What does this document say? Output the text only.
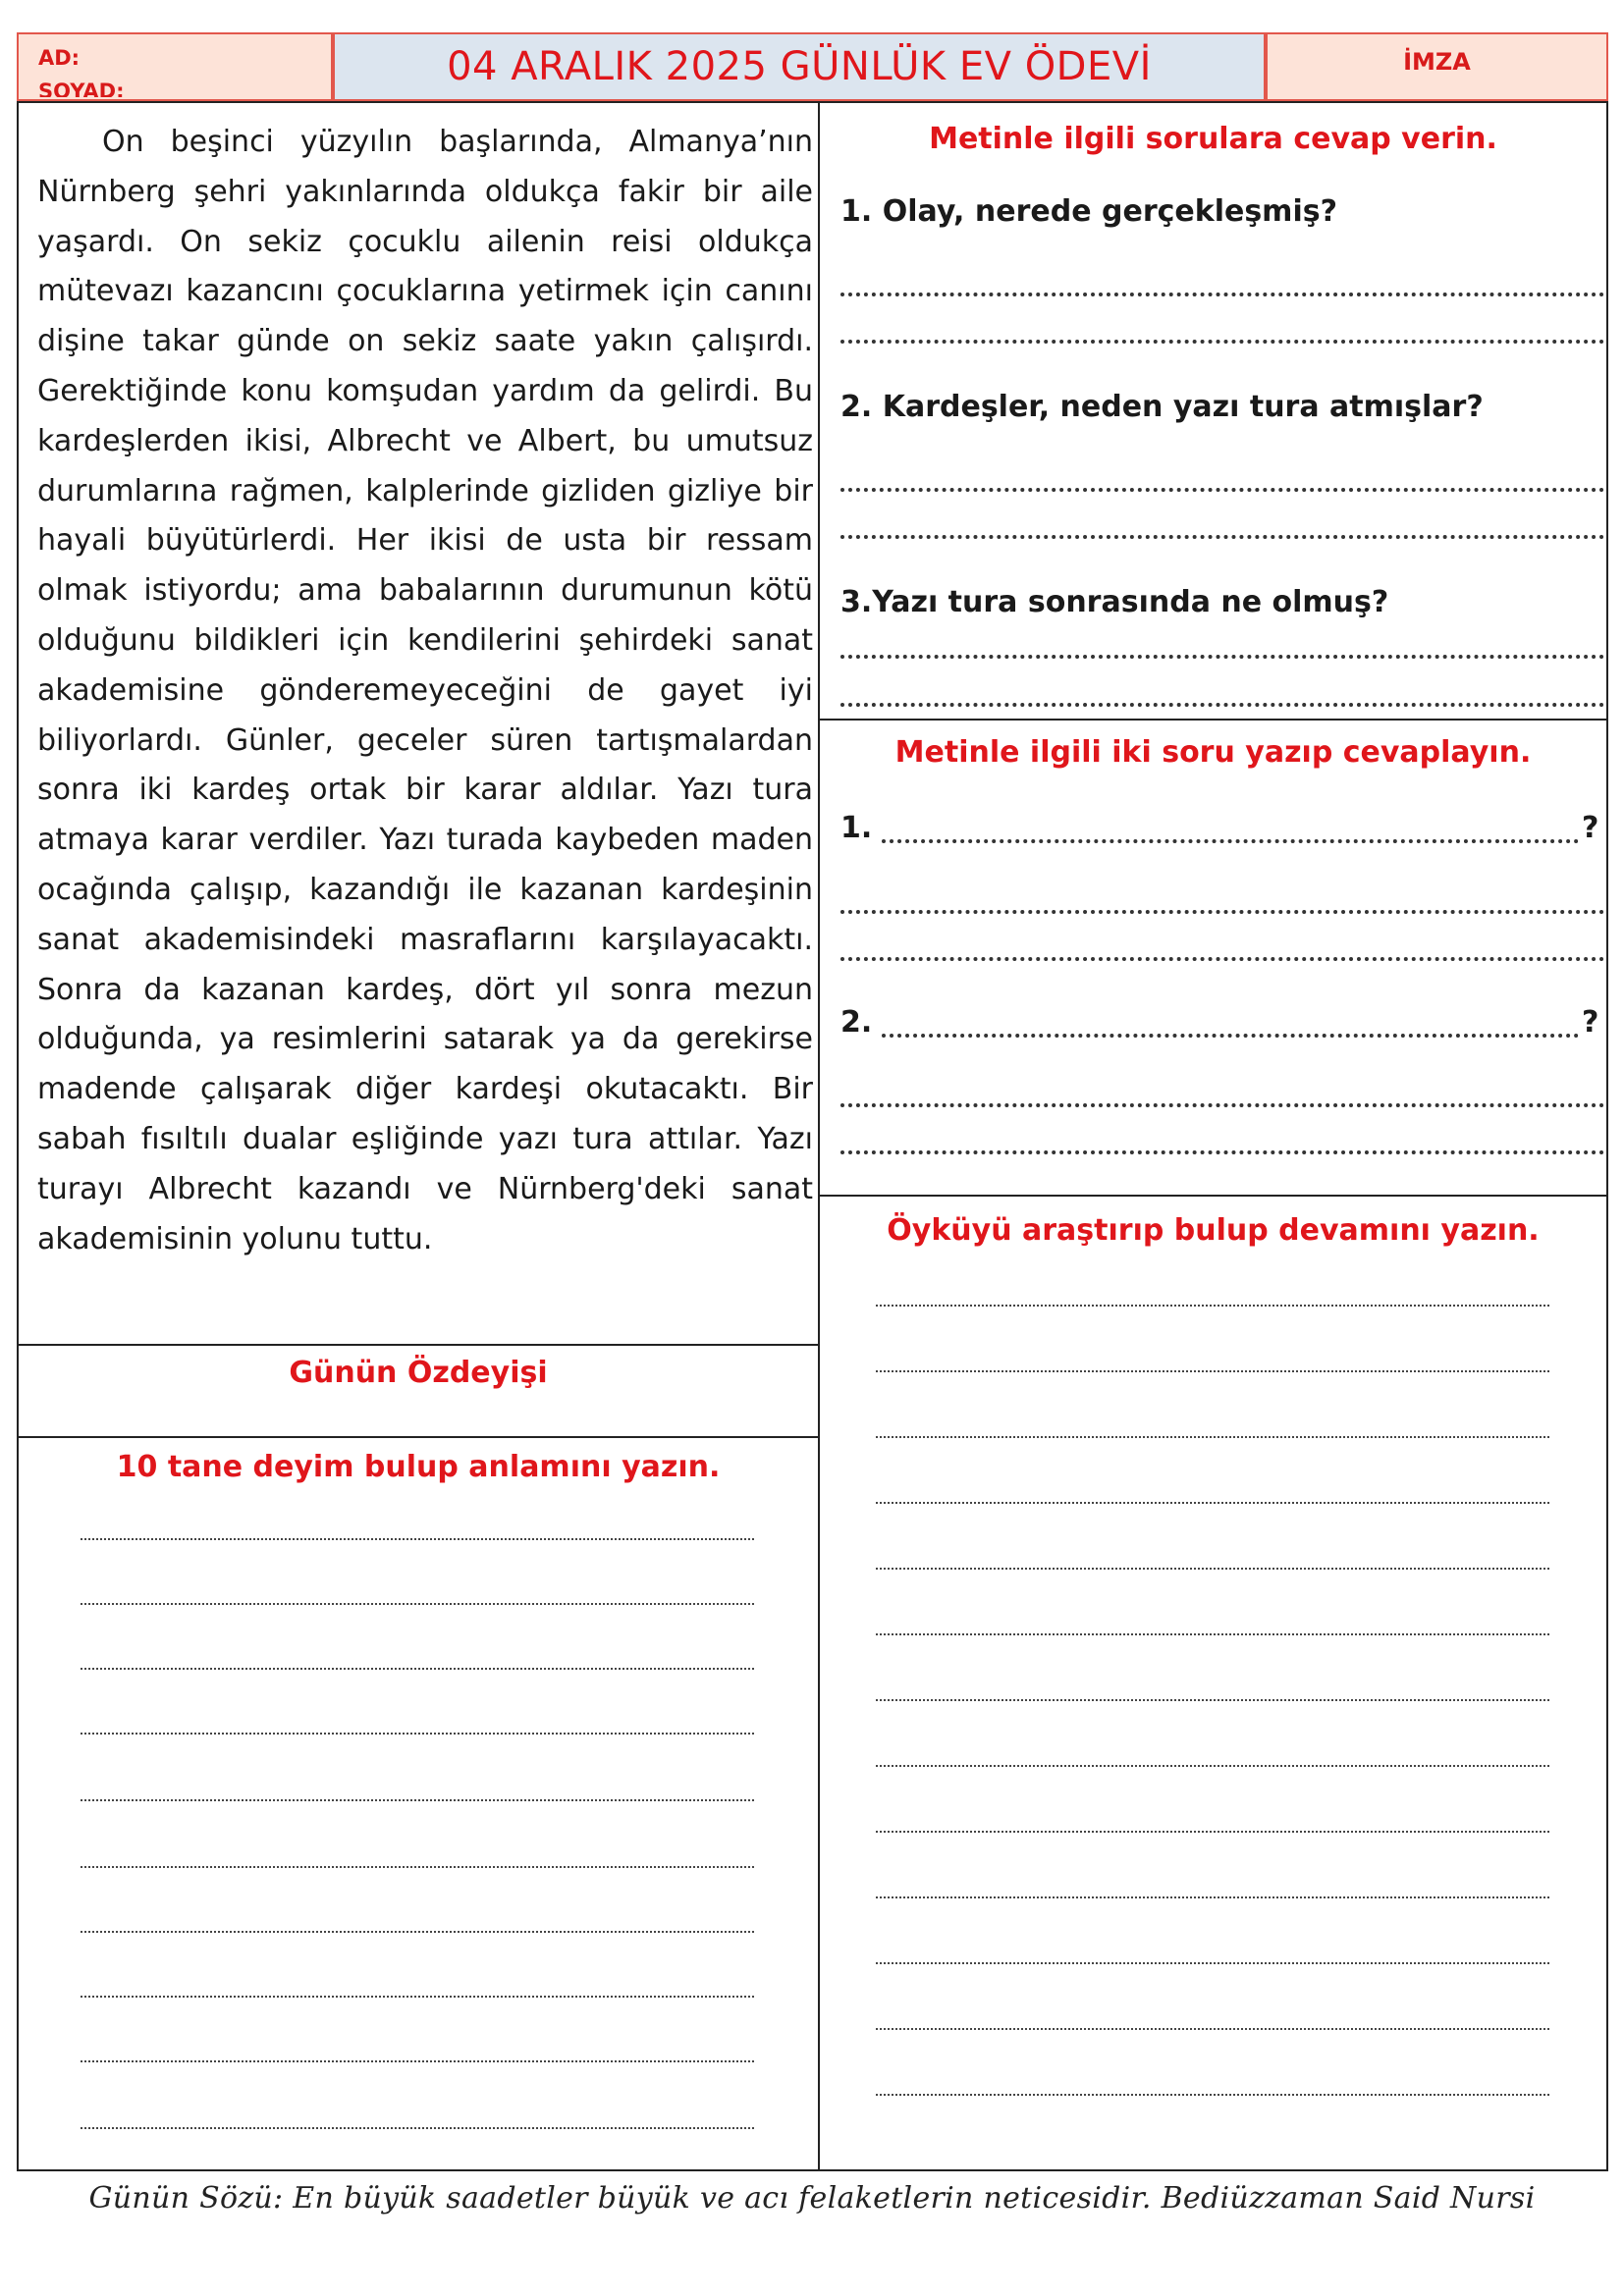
AD:
SOYAD:
04 ARALIK 2025 GÜNLÜK EV ÖDEVİ	İMZA

On beşinci yüzyılın başlarında, Almanya’nın Nürnberg şehri yakınlarında oldukça fakir bir aile yaşardı. On sekiz çocuklu ailenin reisi oldukça mütevazı kazancını çocuklarına yetirmek için canını dişine takar günde on sekiz saate yakın çalışırdı. Gerektiğinde konu komşudan yardım da gelirdi. Bu kardeşlerden ikisi, Albrecht ve Albert, bu umutsuz durumlarına rağmen, kalplerinde gizliden gizliye bir hayali büyütürlerdi. Her ikisi de usta bir ressam olmak istiyordu; ama babalarının durumunun kötü olduğunu bildikleri için kendilerini şehirdeki sanat akademisine gönderemeyeceğini de gayet iyi biliyorlardı. Günler, geceler süren tartışmalardan sonra iki kardeş ortak bir karar aldılar. Yazı tura atmaya karar verdiler. Yazı turada kaybeden maden ocağında çalışıp, kazandığı ile kazanan kardeşinin sanat akademisindeki masraflarını karşılayacaktı. Sonra da kazanan kardeş, dört yıl sonra mezun olduğunda, ya resimlerini satarak ya da gerekirse madende çalışarak diğer kardeşi okutacaktı. Bir sabah fısıltılı dualar eşliğinde yazı tura attılar. Yazı turayı Albrecht kazandı ve Nürnberg'deki sanat akademisinin yolunu tuttu.

Günün Özdeyişi
10 tane deyim bulup anlamını yazın.
Metinle ilgili sorulara cevap verin.
1. Olay, nerede gerçekleşmiş?
2. Kardeşler, neden yazı tura atmışlar?
3.Yazı tura sonrasında ne olmuş?
Metinle ilgili iki soru yazıp cevaplayın.
1.	?
2.	?
Öyküyü araştırıp bulup devamını yazın.
Günün Sözü: En büyük saadetler büyük ve acı felaketlerin neticesidir. Bediüzzaman Said Nursi
